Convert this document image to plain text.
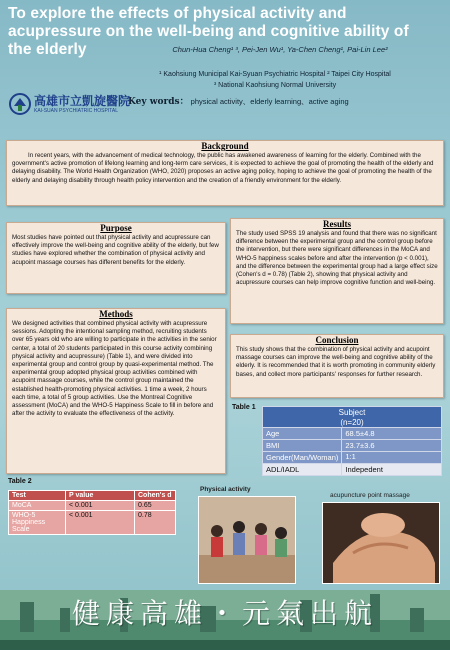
To explore the effects of physical activity and acupressure on the well-being and cognitive ability of the elderly	Chun-Hua Cheng¹ ³, Pei-Jen Wu¹, Ya-Chen Cheng¹, Pai-Lin Lee²
¹ Kaohsiung Municipal Kai-Syuan Psychiatric Hospital ² Taipei City Hospital
³ National Kaohsiung Normal University
Key words： physical activity、elderly learning、active aging
高雄市立凱旋醫院
KAI-SUAN PSYCHIATRIC HOSPITAL
Background

In recent years, with the advancement of medical technology, the public has awakened awareness of learning for the elderly. Combined with the government's active promotion of lifelong learning and long-term care services, it is expected to achieve the goal of promoting the health of the elderly and delaying disability. The World Health Organization (WHO, 2020) proposes an active aging policy, hoping to achieve the goal of promoting the health of the elderly and delaying disability through health policy intervention and the creation of a friendly environment for the elderly.

Purpose

Most studies have pointed out that physical activity and acupressure can effectively improve the well-being and cognitive ability of the elderly, but few studies have explored whether the combination of physical activity and acupoint massage courses has different benefits for the elderly.

Methods

We designed activities that combined physical activity with acupressure sessions. Adopting the intentional sampling method, recruiting students over 65 years old who are willing to participate in the activities in the senior center, a total of 20 students participated in this course activity combining physical activity and acupressure) (Table 1), and were divided into experimental group and control group by quasi-experimental method. The experimental group adopted physical group activities combined with acupoint massage courses, while the control group maintained the established health-promoting physical activities. 1 time a week, 2 hours each time, a total of 5 group activities. Use the Montreal Cognitive assessment (MoCA) and the WHO-5 Happiness Scale to fill in before and after the activity to evaluate the effectiveness of the activity.

Results

The study used SPSS 19 analysis and found that there was no significant difference between the experimental group and the control group before the intervention, but there were significant differences in the MoCA and WHO-5 happiness scales before and after the intervention (p < 0.001), and the difference between the experimental group had a large effect size (Cohen's d = 0.78) (Table 2), showing that physical activity and acupressure courses can help improve cognitive function and well-being.

Conclusion

This study shows that the combination of physical activity and acupoint massage courses can improve the well-being and cognitive ability of the elderly. It is recommended that it is worth promoting in community elderly bases, and collect more participants' responses for further research.

Table 1	Subject	
(n=20)	
Age	68.5±4.8
BMI	23.7±3.6
Gender(Man/Woman)	1:1
ADL/IADL	Indepedent
Table 2
Test	P value	Cohen's d
MoCA	< 0.001	0.65
WHO-5 Happiness Scale	< 0.001	0.78
Physical activity
acupuncture point massage
健康高雄・元氣出航
